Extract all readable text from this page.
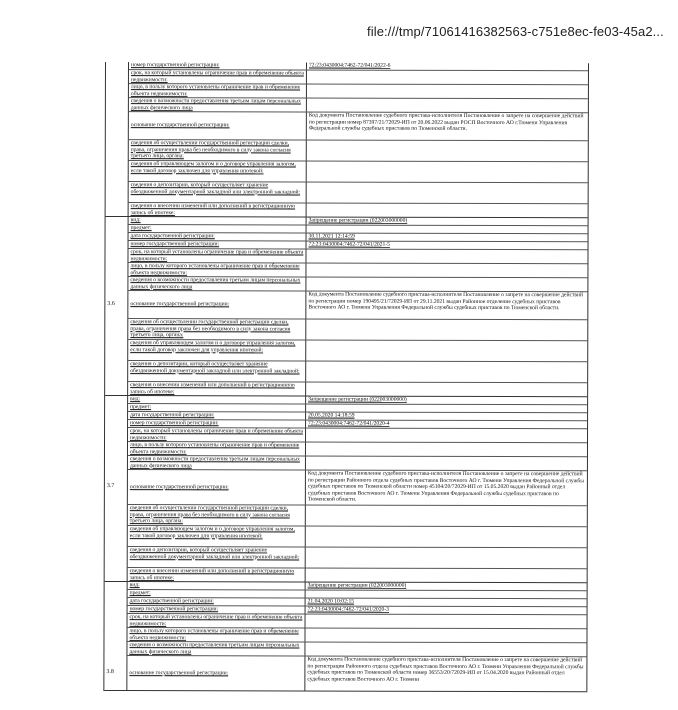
file:///tmp/71061416382563-c751e8ec-fe03-45a2...
номер государственной регистрации:	72:23:0430004:7462-72/041/2022-6
срок, на который установлены ограничение прав и обременение объекта недвижимости:
лицо, в пользу которого установлены ограничение прав и обременение объекта недвижимости:
сведения о возможности предоставления третьим лицам персональных данных физического лица
основание государственной регистрации:
Код документа Постановление судебного пристава-исполнителя Постановление о запрете на совершение действий по регистрации номер 87397/21/72029-ИП от 20.06.2022 выдан РОСП Восточного АО г.Тюмени Управления Федеральной службы судебных приставов по Тюменской области.
сведения об осуществлении государственной регистрации сделки, права, ограничения права без необходимого в силу закона согласия третьего лица, органа:
сведения об управляющем залогом и о договоре управления залогом, если такой договор заключен для управления ипотекой:
сведения о депозитарии, который осуществляет хранение обездвиженной документарной закладной или электронной закладной:
сведения о внесении изменений или дополнений в регистрационную запись об ипотеке:
3.6
вид:	Запрещение регистрации (022003000000)
предмет:
дата государственной регистрации:	30.11.2021 12:14:59
номер государственной регистрации:	72:23:0430004:7462-72/041/2021-5
срок, на который установлены ограничение прав и обременение объекта недвижимости:
лицо, в пользу которого установлены ограничение прав и обременение объекта недвижимости:
сведения о возможности предоставления третьим лицам персональных данных физического лица
основание государственной регистрации:
Код документа Постановление судебного пристава-исполнителя Постановление о запрете на совершение действий по регистрации номер 190495/21/72029-ИП от 29.11.2021 выдан Районное отделение судебных приставов Восточного АО г. Тюмени Управления Федеральной службы судебных приставов по Тюменской области.
сведения об осуществлении государственной регистрации сделки, права, ограничения права без необходимого в силу закона согласия третьего лица, органа:
сведения об управляющем залогом и о договоре управления залогом, если такой договор заключен для управления ипотекой:
сведения о депозитарии, который осуществляет хранение обездвиженной документарной закладной или электронной закладной:
сведения о внесении изменений или дополнений в регистрационную запись об ипотеке:
3.7
вид:	Запрещение регистрации (022003000000)
предмет:
дата государственной регистрации:	20.05.2020 14:18:59
номер государственной регистрации:	72:23:0430004:7462-72/041/2020-4
срок, на который установлены ограничение прав и обременение объекта недвижимости:
лицо, в пользу которого установлены ограничение прав и обременение объекта недвижимости:
сведения о возможности предоставления третьим лицам персональных данных физического лица
основание государственной регистрации:
Код документа Постановление судебного пристава-исполнителя Постановление о запрете на совершение действий по регистрации Районного отдела судебных приставов Восточного АО г. Тюмени Управления Федеральной службы судебных приставов по Тюменской области номер 45104/20/72029-ИП от 15.05.2020 выдан Районный отдел судебных приставов Восточного АО г. Тюмени Управления Федеральной службы судебных приставов по Тюменской области.
сведения об осуществлении государственной регистрации сделки, права, ограничения права без необходимого в силу закона согласия третьего лица, органа:
сведения об управляющем залогом и о договоре управления залогом, если такой договор заключен для управления ипотекой:
сведения о депозитарии, который осуществляет хранение обездвиженной документарной закладной или электронной закладной:
сведения о внесении изменений или дополнений в регистрационную запись об ипотеке:
3.8
вид:	Запрещение регистрации (022003000000)
предмет:
дата государственной регистрации:	21.04.2020 10:02:15
номер государственной регистрации:	72:23:0430004:7462-72/041/2020-3
срок, на который установлены ограничение прав и обременение объекта недвижимости:
лицо, в пользу которого установлены ограничение прав и обременение объекта недвижимости:
сведения о возможности предоставления третьим лицам персональных данных физического лица
основание государственной регистрации:
Код документа Постановление судебного пристава-исполнителя Постановление о запрете на совершение действий по регистрации Районного отдела судебных приставов Восточного АО г. Тюмени Управления Федеральной службы судебных приставов по Тюменской области номер 36553/20/72029-ИП от 15.04.2020 выдан Районный отдел судебных приставов Восточного АО г. Тюмени
